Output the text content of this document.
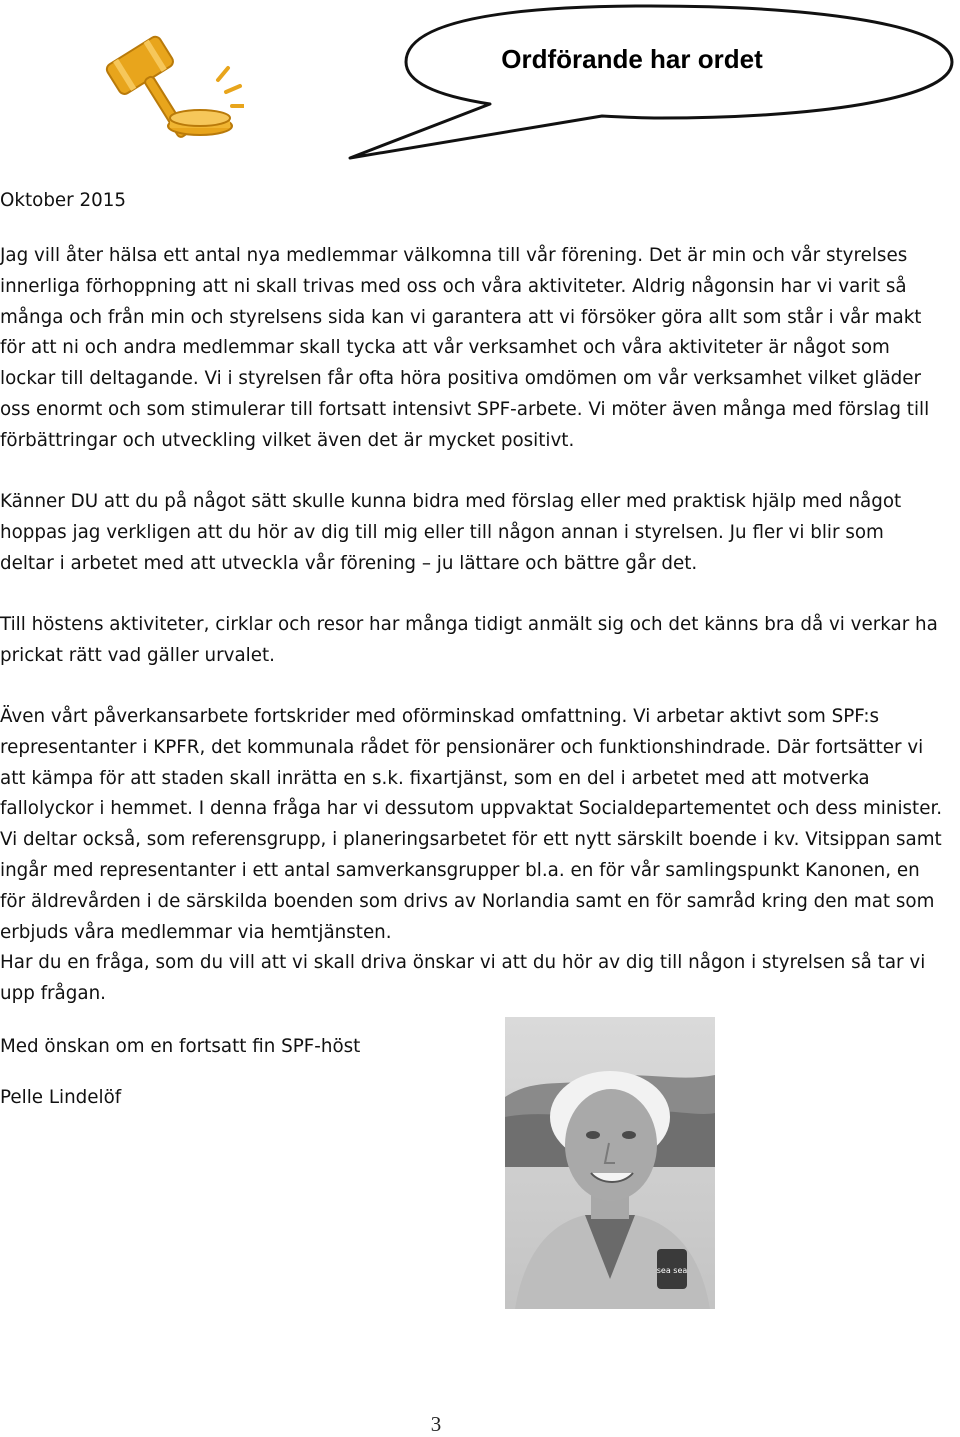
Ordförande har ordet
Oktober 2015
Jag vill åter hälsa ett antal nya medlemmar välkomna till vår förening. Det är min och vår styrelses
innerliga förhoppning att ni skall trivas med oss och våra aktiviteter. Aldrig någonsin har vi varit så
många och från min och styrelsens sida kan vi garantera att vi försöker göra allt som står i vår makt
för att ni och andra medlemmar skall tycka att vår verksamhet och våra aktiviteter är något som
lockar till deltagande. Vi i styrelsen får ofta höra positiva omdömen om vår verksamhet vilket gläder
oss enormt och som stimulerar till fortsatt intensivt SPF-arbete. Vi möter även många med förslag till
förbättringar och utveckling vilket även det är mycket positivt.
Känner DU att du på något sätt skulle kunna bidra med förslag eller med praktisk hjälp med något
hoppas jag verkligen att du hör av dig till mig eller till någon annan i styrelsen. Ju fler vi blir som
deltar i arbetet med att utveckla vår förening – ju lättare och bättre går det.
Till höstens aktiviteter, cirklar och resor har många tidigt anmält sig och det känns bra då vi verkar ha
prickat rätt vad gäller urvalet.
Även vårt påverkansarbete fortskrider med oförminskad omfattning. Vi arbetar aktivt som SPF:s
representanter i KPFR, det kommunala rådet för pensionärer och funktionshindrade. Där fortsätter vi
att kämpa för att staden skall inrätta en s.k. fixartjänst, som en del i arbetet med att motverka
fallolyckor i hemmet. I denna fråga har vi dessutom uppvaktat Socialdepartementet och dess minister.
Vi deltar också, som referensgrupp, i planeringsarbetet för ett nytt särskilt boende i kv. Vitsippan samt
ingår med representanter i ett antal samverkansgrupper bl.a. en för vår samlingspunkt Kanonen, en
för äldrevården i de särskilda boenden som drivs av Norlandia samt en för samråd kring den mat som
erbjuds våra medlemmar via hemtjänsten.
Har du en fråga, som du vill att vi skall driva önskar vi att du hör av dig till någon i styrelsen så tar vi
upp frågan.
Med önskan om en fortsatt fin SPF-höst
Pelle Lindelöf
sea sea
3
